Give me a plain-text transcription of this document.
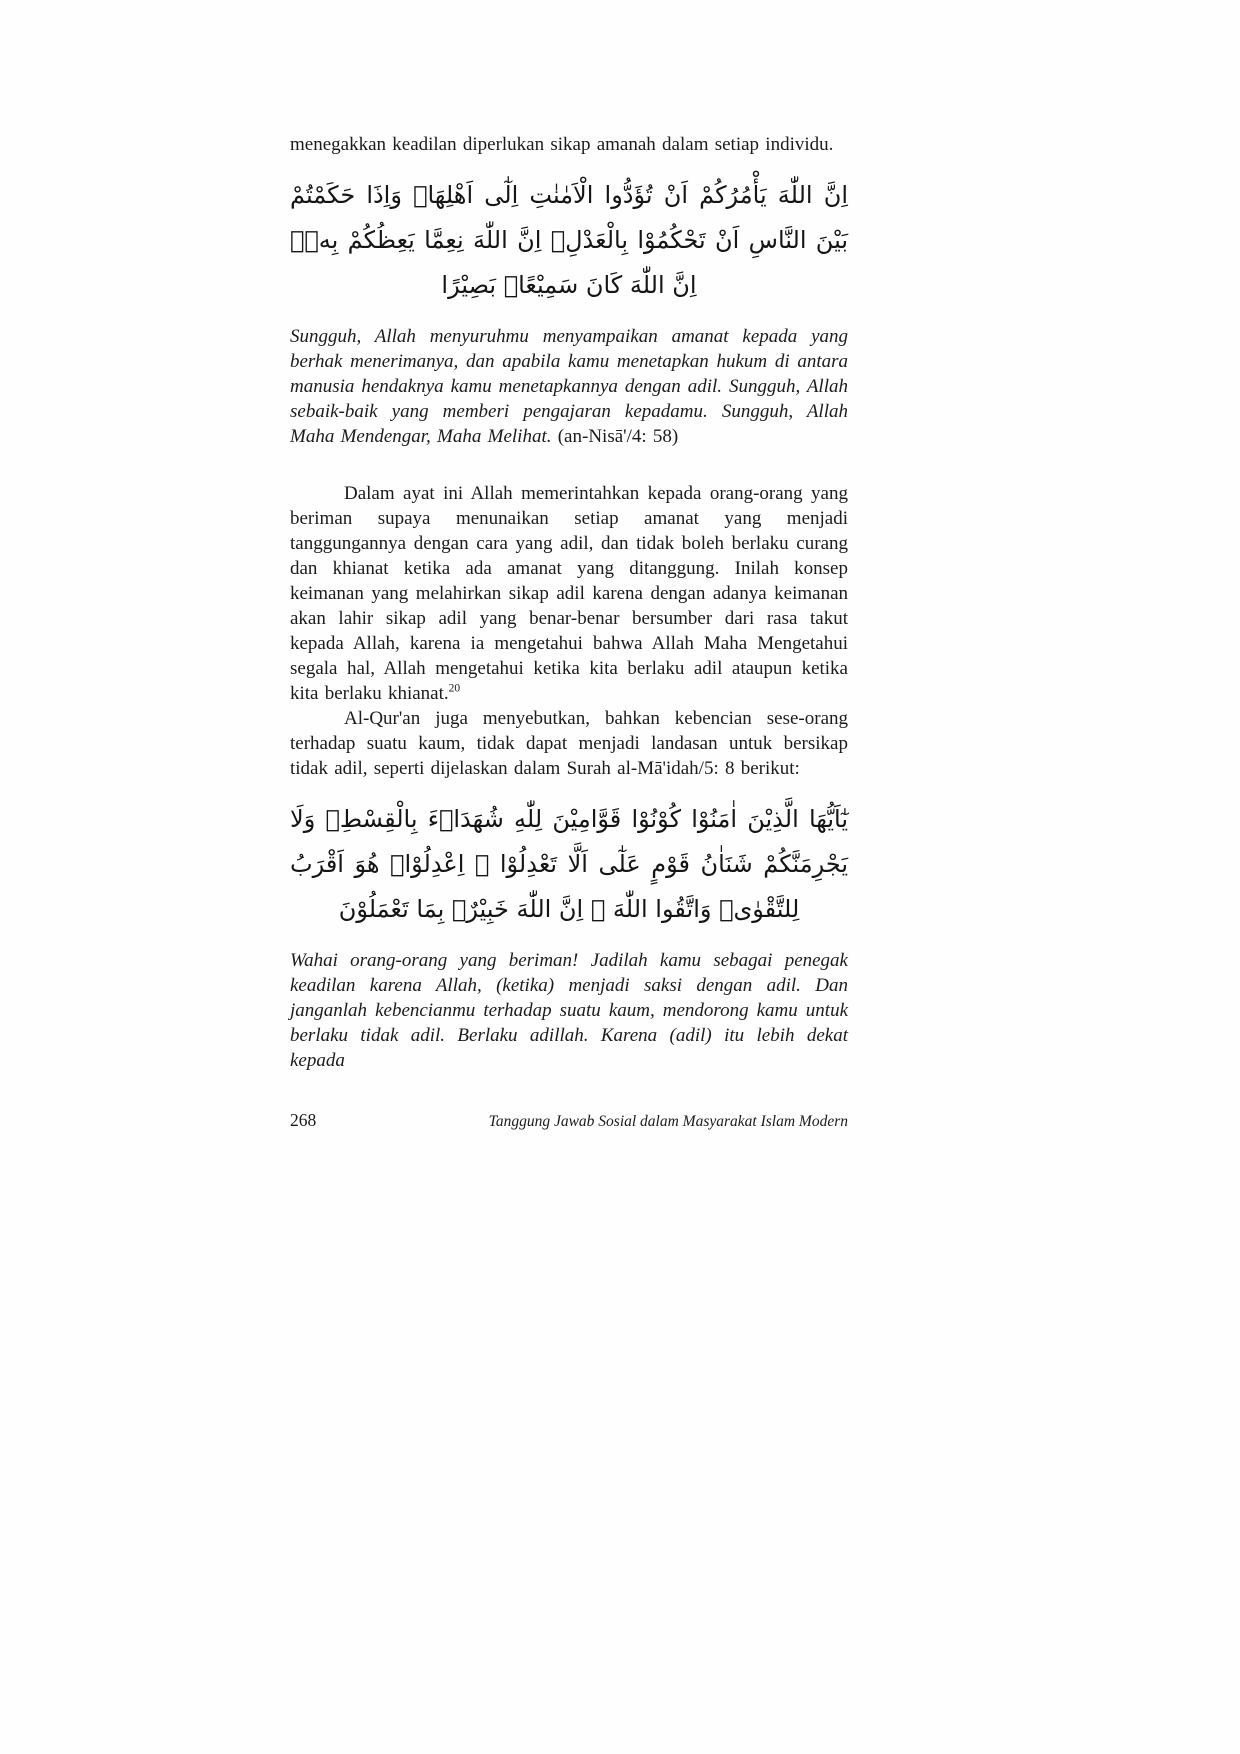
menegakkan keadilan diperlukan sikap amanah dalam setiap individu.

اِنَّ اللّٰهَ يَأْمُرُكُمْ اَنْ تُؤَدُّوا الْاَمٰنٰتِ اِلٰٓى اَهْلِهَاۙ وَاِذَا حَكَمْتُمْ بَيْنَ النَّاسِ اَنْ تَحْكُمُوْا بِالْعَدْلِۗ اِنَّ اللّٰهَ نِعِمَّا يَعِظُكُمْ بِهٖۗ اِنَّ اللّٰهَ كَانَ سَمِيْعًاۢ بَصِيْرًا

Sungguh, Allah menyuruhmu menyampaikan amanat kepada yang berhak menerimanya, dan apabila kamu menetapkan hukum di antara manusia hendaknya kamu menetapkannya dengan adil. Sungguh, Allah sebaik-baik yang memberi pengajaran kepadamu. Sungguh, Allah Maha Mendengar, Maha Melihat. (an-Nisā'/4: 58)

Dalam ayat ini Allah memerintahkan kepada orang-orang yang beriman supaya menunaikan setiap amanat yang menjadi tanggungannya dengan cara yang adil, dan tidak boleh berlaku curang dan khianat ketika ada amanat yang ditanggung. Inilah konsep keimanan yang melahirkan sikap adil karena dengan adanya keimanan akan lahir sikap adil yang benar-benar bersumber dari rasa takut kepada Allah, karena ia mengetahui bahwa Allah Maha Mengetahui segala hal, Allah mengetahui ketika kita berlaku adil ataupun ketika kita berlaku khianat.$^{20}$

Al-Qur'an juga menyebutkan, bahkan kebencian sese-orang terhadap suatu kaum, tidak dapat menjadi landasan untuk bersikap tidak adil, seperti dijelaskan dalam Surah al-Mā'idah/5: 8 berikut:

يٰٓاَيُّهَا الَّذِيْنَ اٰمَنُوْا كُوْنُوْا قَوَّامِيْنَ لِلّٰهِ شُهَدَاۤءَ بِالْقِسْطِۖ وَلَا يَجْرِمَنَّكُمْ شَنَاٰنُ قَوْمٍ عَلٰٓى اَلَّا تَعْدِلُوْا ۗ اِعْدِلُوْاۗ هُوَ اَقْرَبُ لِلتَّقْوٰىۖ وَاتَّقُوا اللّٰهَ ۗ اِنَّ اللّٰهَ خَبِيْرٌۢ بِمَا تَعْمَلُوْنَ

Wahai orang-orang yang beriman! Jadilah kamu sebagai penegak keadilan karena Allah, (ketika) menjadi saksi dengan adil. Dan janganlah kebencianmu terhadap suatu kaum, mendorong kamu untuk berlaku tidak adil. Berlaku adillah. Karena (adil) itu lebih dekat kepada

268	Tanggung Jawab Sosial dalam Masyarakat Islam Modern
